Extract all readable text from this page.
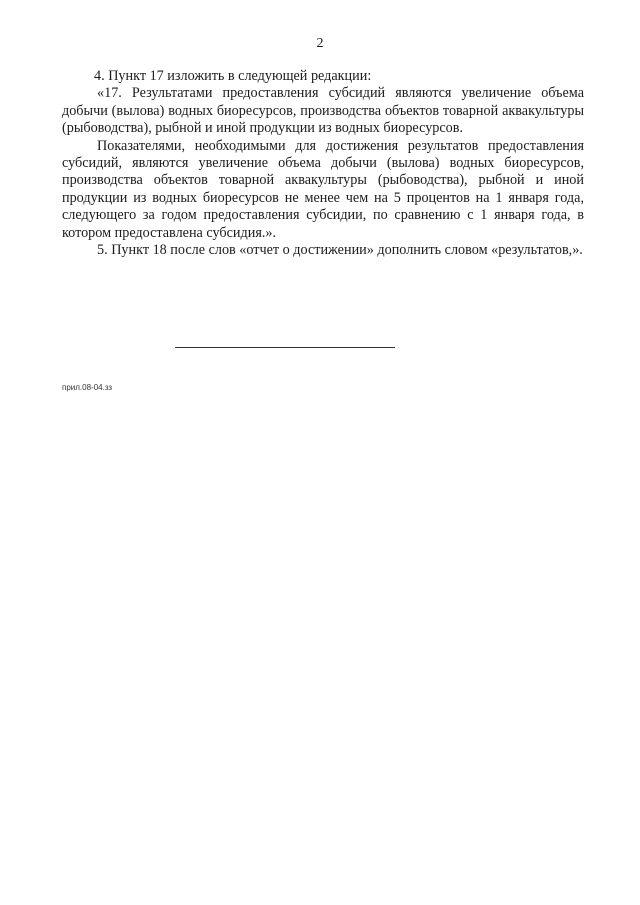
2

4. Пункт 17 изложить в следующей редакции:

«17. Результатами предоставления субсидий являются увеличение объема добычи (вылова) водных биоресурсов, производства объектов товарной аквакультуры (рыбоводства), рыбной и иной продукции из водных биоресурсов.

Показателями, необходимыми для достижения результатов предоставления субсидий, являются увеличение объема добычи (вылова) водных биоресурсов, производства объектов товарной аквакультуры (рыбоводства), рыбной и иной продукции из водных биоресурсов не менее чем на 5 процентов на 1 января года, следующего за годом предоставления субсидии, по сравнению с 1 января года, в котором предоставлена субсидия.».

5. Пункт 18 после слов «отчет о достижении» дополнить словом «результатов,».

прил.08-04.зз
